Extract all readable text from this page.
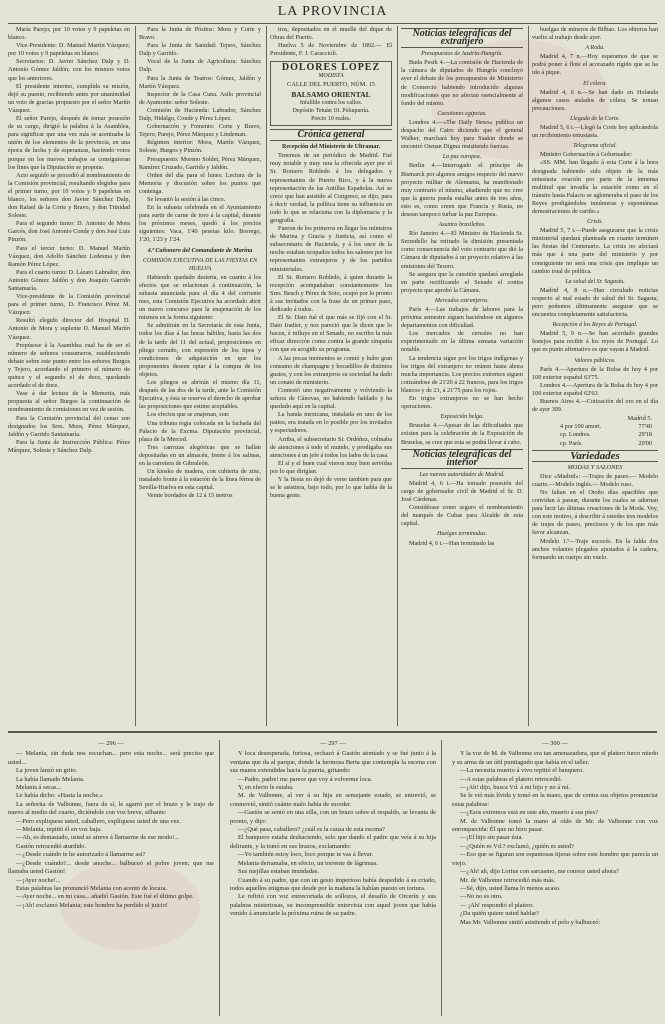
LA PROVINCIA

María Parejo; por 10 votos y 9 papeletas en blanco.

Vice-Presidente: D. Manuel Martín Vázquez; por 10 votos y 9 papeletas en blanco.

Secretarios: D. Javier Sánchez Dalp y D. Antonio Gómez Jaldón; con los mismos votos que los anteriores.

El presidente interino, cumplida su misión, dejó su puesto, recibiendo antes por unanimidad un voto de gracias propuesto por el señor Martín Vázquez.

El señor Parejo, después de tomar posesión de su cargo, dirigió la palabra á la Asamblea, para significar que una vez más se acentuaba la unión de los elementos de la provincia, en una época de lucha y de esperanzas, haciendo votos porque en los nuevos trabajos se consiguieran los fines que la Diputación se propone.

Acto seguido se procedió al nombramiento de la Comisión provincial; resultando elegidos para el primer turno, por 10 votos y 9 papeletas en blanco, los señores don Javier Sánchez Dalp, don Rafael de la Corte y Bravo, y don Trinidad Soleste.

Para el segundo turno: D. Antonio de Mora Garcés, don José Antonio Conde y don José Luis Pinzón.

Para el tercer turno: D. Manuel Martín Vázquez, don Adolfo Sánchez Ledesma y don Ramón Pérez López.

Para el cuarto turno: D. Lázaro Labrador, don Antonio Gómez Jaldón y don Joaquín Garrido Santamaría.

Vice-presidente de la Comisión provincial para el primer turno, D. Francisco Pérez M. Vázquez.

Resultó elegido director del Hospital D. Antonio de Mora y suplente D. Manuel Martín Vázquez.

Propúsose á la Asamblea cual ha de ser el número de señores consumeros, estableciendo debate sobre este punto entre los señores Burgos y Tejero, acordando el primero el número de quince y el segundo el de doce, quedando acordado el de doce.

Vase á dar lectura de la Memoria, más propuesta al señor Burgos la continuación de nombramiento de comisiones en vez de sesión.

Para la Comisión provincial del censo son designados los Sres. Mora, Pérez Márquez, Jaldón y Garrido Santamaría.

Para la Junta de Instrucción Pública: Pérez Márquez, Soleste y Sánchez Dalp.

Para la Junta de Pósitos: Mora y Corte y Bravo.

Para la Junta de Sanidad: Tejero, Sánchez Dalp y Garrido.

Vocal de la Junta de Agricultura: Sánchez Dalp.

Para la Junta de Teatros: Gómez, Jaldón y Martín Vázquez.

Inspector de la Casa Cuna. Asilo provincial de Ayamonte: señor Soleste.

Comisión de Hacienda: Labrador, Sánchez Dalp, Hidalgo, Conde y Pérez López.

Gobernación y Fomento: Corte y Bravo, Tejero, Parejo, Pérez Márquez y Lindeman.

Régimen interior: Mora, Martín Vázquez, Soleste, Burgos y Pinzón.

Presupuesto: Moreno Soldet, Pérez Márquez, Ramírez Cruzado, Garrido y Jaldón.

Orden del día para el lunes: Lectura de la Memoria y discusión sobre los puntos que contenga.

Se levantó la sesión á las cinco.

En la subasta celebrada en el Ayuntamiento para surtir de carne de toro á la capital, durante los próximos meses, quedó á los precios siguientes: Vaca, 1'40 pesetas kilo. Borrego, 1'20, 1'23 y 1'24.

4.ª Cañonero del Comandante de Marina
COMISIÓN EJECUTIVA DE LAS FIESTAS EN HUELVA

Habiendo quedado desierta, en cuanto á los efectos que se relacionan á continuación, la subasta anunciada para el día 4 del corriente mes, esta Comisión Ejecutiva ha acordado abrir un nuevo concurso para la enajenación de los mismos en la forma siguiente:

Se admitirán en la Secretaría de esta Junta, todos los días á las horas hábiles, hasta las dos de la tarde del 11 del actual, proposiciones en pliego cerrado, con expresión de los tipos y condiciones de adquisición en que los proponentes deseen optar á la compra de los objetos.

Los pliegos se abrirán el mismo día 11, después de las dos de la tarde, ante la Comisión Ejecutiva, y ésta se reserva el derecho de aprobar las proposiciones que estime aceptables.

Los efectos que se enajenan, son:

Una tribuna regia colocada en la fachada del Palacio de la Excma. Diputación provincial, plaza de la Merced.

Tres carrozas alegóricas que se hallan depositadas en un almacén, frente á los salinas, en la carretera de Gibraleón.

Un kiosko de madera, con cubierta de zinc, instalado frente á la estación de la línea férrea de Sevilla-Huelva en esta capital.

Veinte bordados de 12 á 15 metros

tros, depositados en el muelle del dique de Obras del Puerto.

Huelva 5 de Noviembre de 1892.— El Presidente, F. J. Caraccioli.

DOLORES LOPEZ
MODISTA
CALLE DEL PUERTO, NÚM. 15
BALSAMO ORIENTAL
Infalible contra los callos.
Depósito Tetuán 10. Peluquería.
Precio 10 reales.
Crónica general
Recepción del Ministerio de Ultramar.

Tenemos de un periódico de Madrid. Fué muy notable y muy rara la ofrecida ayer por el Sr. Romero Robledo á los delegados y representantes de Puerto Rico, y á la nueva representación de las Antillas Españolas. Así se crece que han asistido al Congreso, se dijo, para á decir verdad, la política tiene su influencia en todo lo que se relaciona con la diplomacia y la geografía.

Fueron de los primeros en llegar los ministros de Marina y Gracia y Justicia, así como el subsecretario de Hacienda, y á los once de la noche estaban ocupados todos los salones por los representantes extranjeros y de los partidos ministeriales.

El Sr. Romero Robledo, á quien durante la recepción acompañaban constantemente los Sres. Besch y Pérez de Soto, ocupó por lo pronto á sus invitados con la frase de un primer paso, dedicado á todos.

El Sr. Dato fué el que más se fijó con el Sr. Dato Iradier, y nos pareció que le dicen que lo hacen, é influye en el Senado, no escribo la más eficaz dirección como contra la grande simpatía con que es acogido su programa.

A las pocas momentos se comió y hubo gran consumo de champagne y bocadillos de distintos gustos, y con los extranjeros su sociedad ha dado un conato de ministerio.

Contestó uno negativamente y volviendo la señora de Cánovas, no habiendo hablado y ha quedado aquí en la capital.

La banda mexicana, instalada en uno de los patios, era tratada en lo posible por los invitados y espectadores.

Arriba, el subsecretario Sr. Ordóñez, colmaba de atenciones á todo el mundo, y prodigaba sus atenciones á un jefe á todos los lados de la casa.

El sí y el buen cual vieron muy bien servidas por lo que dirigían.

Y la fiesta no dejó de verse tambien para que se le asistiera, bajo todo, por lo que habla de la buena gente.

Noticias telegráficas del extranjero
Presupuestos de Austria-Hungría.

Buda Pesth 4.—La comisión de Hacienda de la cámara de diputados de Hungría concluyó ayer el debate de los presupuestos de Ministerio de Comercio habiendo introducido algunas modificaciones que no afectan esencialmente al fondo del mismo.

Cuestiones egipcias.

Londres 4.—«The Daily News» publica un despacho del Cairo diciendo que el general Walker, marchará hoy para Suakin donde se encontró Osman Digma resistiendo fuerzas.

La paz europea.

Berlín 4.—Interrogado el príncipe de Bismarck por algunos amigos respecto del nuevo proyecto militar de Alemania, ha manifestado muy contrario el mismo, añadiendo que no cree que la guerra pueda estallar antes de tres años, esto es, como creen que Francia y Rusia, no desean tampoco turbar la paz Europea.

Asuntos brasileños.

Río Janeiro 4.—El Ministro de Hacienda Sr. Serzedello ha retirado la dimisión presentada como consecuencia del voto contrario que dió la Cámara de diputados á un proyecto relativo á las emisiones del Tesoro.

Se asegura que la cuestión quedará arreglada en parte rectificando el Senado el contra proyecto que aprobó la Cámara.

Mercados extranjeros.

París 4.—Las trabajos de labores para la próxima semestre siguen haciéndose en algunos departamentos con dificultad.

Los mercados de cereales no han experimentado en la última semana variación notable.

La tendencia sigue por los trigos indígenas y los trigos del extranjero no reúnen hasta ahora mucha importancia. Los precios extremos siguen cotizándose de 21'20 á 22 francos, para los trigos blancos y de 21, á 21'75 para los rojos.

En trigos extranjeros no se han hecho operaciones.

Exposición belga.

Bruselas 4.—Apesar de las dificultades que existen para la celebración de la Exposición de Bruselas, se cree que esta se podrá llevar á cabo.

Noticias telegráficas del interior
Las nuevas autoridades de Madrid.

Madrid 4, 6 t.—Ha tomado posesión del cargo de gobernador civil de Madrid el Sr. D. José Cárdenas.

Considérase como seguro el nombramiento del marqués de Cubas para Alcalde de esta capital.

Huelgas terminadas.

Madrid 4, 6 t.—Han terminado las

huelgas de mineros de Bilbao. Los obreros han vuelto al trabajo desde ayer.

A Roda.

Madrid 4, 7 n.—Hoy esperamos de que se podrá poner á flote el acorazado rígido que se ha ido á pique.

El cólera.

Madrid 4, 6 n.—Se han dado en Holanda algunos casos aislados de cólera. Se toman precauciones.

Llegada de la Corte.

Madrid 5, 6 t.—Llegó la Corte hoy aplicándola un recibimiento entusiasta.

Telegrama oficial.

Ministro Gobernación á Gobernador:

«SS. MM. han llegado á esta Corte á la hora designada habiendo sido objeto de la más entusiasta ovación por parte de la inmensa multitud que invadía la estación como en el tránsito hasta Palacio se aglomeraba el paso de los Reyes prodigándoles innúmeras y espontáneas demostraciones de cariño.»

Crisis.

Madrid 5, 7 t.—Puede asegurarse que la crisis ministerial quedará planteada en cuanto terminen las fiestas del Centenario. La crisis no afectará más que á una parte del ministerio y por consiguiente no será una crisis que implique un cambio total de política.

La salud del Sr. Sagasta.

Madrid 4, 8 n.—Han circulado noticias respecto al mal estado de salud del Sr. Sagasta; pero podemos últimamente asegurar que se encuentra completamente satisfactoria.

Recepción á los Reyes de Portugal.

Madrid 5, 9 n.—Se han acordado grandes festejos para recibir á los reyes de Portugal. Lo que es punto afirmativo es que vayan á Madrid.

Valores públicos.

París 4.—Apertura de la Bolsa de hoy 4 por 100 exterior español 63'75.

Londres 4.—Apertura de la Bolsa de hoy 4 por 100 exterior español 62'63.

Buenos Aires 4.—Cotización del oro en el día de ayer 309.

Madrid 5.
4 por 100 amort.	77'40
cp. Londres.	29'18
cp. París.	20'00
Variedades
MODAS Y SALONES

Dice «Madrid»: —Trajes de paseo.— Modelo cuarto.—Modelo inglés.— Modelo ruso.

No faltan en el Otoño días apacibles que convidan á pasear, durante los cuales se adornan para lucir las últimas creaciones de la Moda. Voy, con este motivo, á describir á ustedes tres modelos de trajes de paseo, preciosos y de los que más favor alcanzan.

Modelo 1.º—Traje escocés. En la falda dos anchos volantes plegados ajustados á la cadera, formando un cuerpo sin vuelo.

— 296 —

— Melania, sin duda nos escuchan... pero esta noche... será preciso que usted...

La joven lanzó un grito.

La había llamado Melania.

Melania á secas...

Le había dicho: «Hasta la noche.»

La señorita de Valbonne, fuera de sí, le agarró por el brazo y le trajo de nuevo al medio del cuarto, diciéndole con voz breve, silbante:

—Pero expliquese usted, caballero, explíquese usted de una vez.

—Melania, repitió él en voz baja.

—Ah, es demasiado, usted se atreve á llamarme de ese modo!...

Gastón retrocedió aturdido.

—¿Desde cuándo te he autorizado á llamarme así?

—¿Desde cuándo?... desde anoche... balbuceó el pobre joven; que me llamaba usted Gastón!

—¡Ayer noche!...

Estas palabras las pronunció Melania con acento de locura.

—Ayer noche... en mi casa... añadió Gastón. Este fué el último golpe.

—¡Ah! exclamó Melania; este hombre ha perdido el juicio!

— 297 —

Y loca desesperada, furiosa, rechazó á Gastón atontado y se fué junto á la ventana que da al parque, donde la hermosa Berta que contempla la escena con sus manos extendidas hacia la puerta, gritando:

—Padre, padre! me parece que voy á volverme loca.

Y, en efecto le estaba.

M. de Valbonne, al ver á su hija en semejante estado, se entrevió, se conmovió, sintió cuánto malo había de suceder.

—Gastón se sentó en una silla, con un brazo sobre el respaldo, se levanta de pronto, y dijo:

—¿Qué pasa, caballero? ¿cuál es la causa de esta escena?

El banquero estaba deshaciendo, solo que dando el padre que veía á su hija delirante, y la tomó en sus brazos, exclamando:

—Yo también estoy loco, loco porque te vas á llevar.

Melania derramaba, en efecto, un torrente de lágrimas.

Sus mejillas estaban inundadas.

Cuando á su padre, que con un gesto imperioso había despedido á su criado, todos aquellos enigmas que desde por la mañana la habían puesto en tortura.

Le refirió con voz entrecortada de sollozos, el desafío de Orcerín y sus palabras misteriosas, su incomprensible entrevista con aquel joven que había venido á anunciarle la próxima ruina de su padre.

— 300 —

Y la voz de M. de Valbonne era tan amenazadora, que el platero turco miedo y su arma de un útil puntiagudo que había en el taller.

—La necesita muerto á vivo repitió el banquero.

—A estas palabras el platero retrocedió.

—¡Ah! dijo, busca Vd. á mi hijo y no á mí.

Se le vió más lívida y tomó en la mano, que de contra sus objetos pronunciar estas palabras:

—¿Esos extremos está en este año, muerto á sus pies?

M. de Valbonne tomó la mano al oído de Mr. de Valbonne con voz enronquecida: Él que no hizo pasar.

—¡El hijo sin pasar ésta.

—¿Quién es Vd.? exclamó, ¿quién es usted?

—Eso que se figuran son espantosas tijeras sobre este hombre que parecía un viejo.

—¿Ah! ah, dijo Lorius con sarcasmo, me conoce usted ahora?

Mr. de Valbonne retrocedió más más.

—Sé, dijo, usted llama lo menos acaso.

—No no es otro.

— ¡Ah! respondió el platero.

¿Da quién quiere usted hablar?

Mas Mr. Valbonne sintió asistiendo el pelo y balbuceó:
